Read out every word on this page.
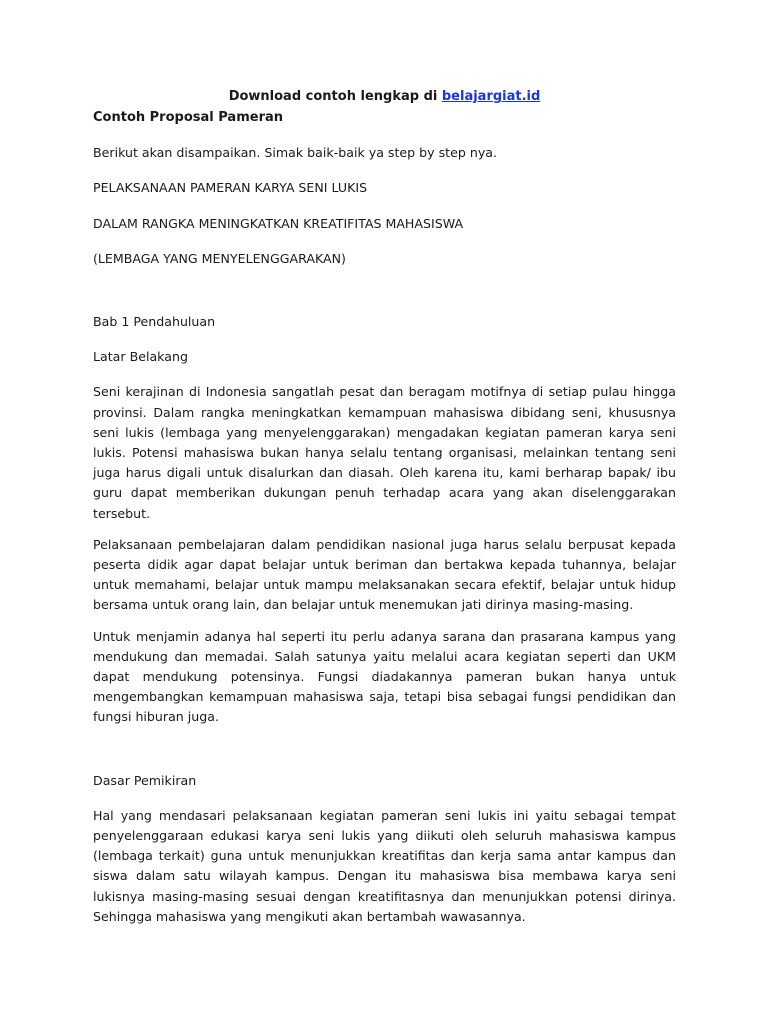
Download contoh lengkap di belajargiat.id

Contoh Proposal Pameran

Berikut akan disampaikan. Simak baik-baik ya step by step nya.

PELAKSANAAN PAMERAN KARYA SENI LUKIS

DALAM RANGKA MENINGKATKAN KREATIFITAS MAHASISWA

(LEMBAGA YANG MENYELENGGARAKAN)

Bab 1 Pendahuluan

Latar Belakang

Seni kerajinan di Indonesia sangatlah pesat dan beragam motifnya di setiap pulau hingga provinsi. Dalam rangka meningkatkan kemampuan mahasiswa dibidang seni, khususnya seni lukis (lembaga yang menyelenggarakan) mengadakan kegiatan pameran karya seni lukis. Potensi mahasiswa bukan hanya selalu tentang organisasi, melainkan tentang seni juga harus digali untuk disalurkan dan diasah. Oleh karena itu, kami berharap bapak/ ibu guru dapat memberikan dukungan penuh terhadap acara yang akan diselenggarakan tersebut.

Pelaksanaan pembelajaran dalam pendidikan nasional juga harus selalu berpusat kepada peserta didik agar dapat belajar untuk beriman dan bertakwa kepada tuhannya, belajar untuk memahami, belajar untuk mampu melaksanakan secara efektif, belajar untuk hidup bersama untuk orang lain, dan belajar untuk menemukan jati dirinya masing-masing.

Untuk menjamin adanya hal seperti itu perlu adanya sarana dan prasarana kampus yang mendukung dan memadai. Salah satunya yaitu melalui acara kegiatan seperti dan UKM dapat mendukung potensinya. Fungsi diadakannya pameran bukan hanya untuk mengembangkan kemampuan mahasiswa saja, tetapi bisa sebagai fungsi pendidikan dan fungsi hiburan juga.

Dasar Pemikiran

Hal yang mendasari pelaksanaan kegiatan pameran seni lukis ini yaitu sebagai tempat penyelenggaraan edukasi karya seni lukis yang diikuti oleh seluruh mahasiswa kampus (lembaga terkait) guna untuk menunjukkan kreatifitas dan kerja sama antar kampus dan siswa dalam satu wilayah kampus. Dengan itu mahasiswa bisa membawa karya seni lukisnya masing-masing sesuai dengan kreatifitasnya dan menunjukkan potensi dirinya. Sehingga mahasiswa yang mengikuti akan bertambah wawasannya.
